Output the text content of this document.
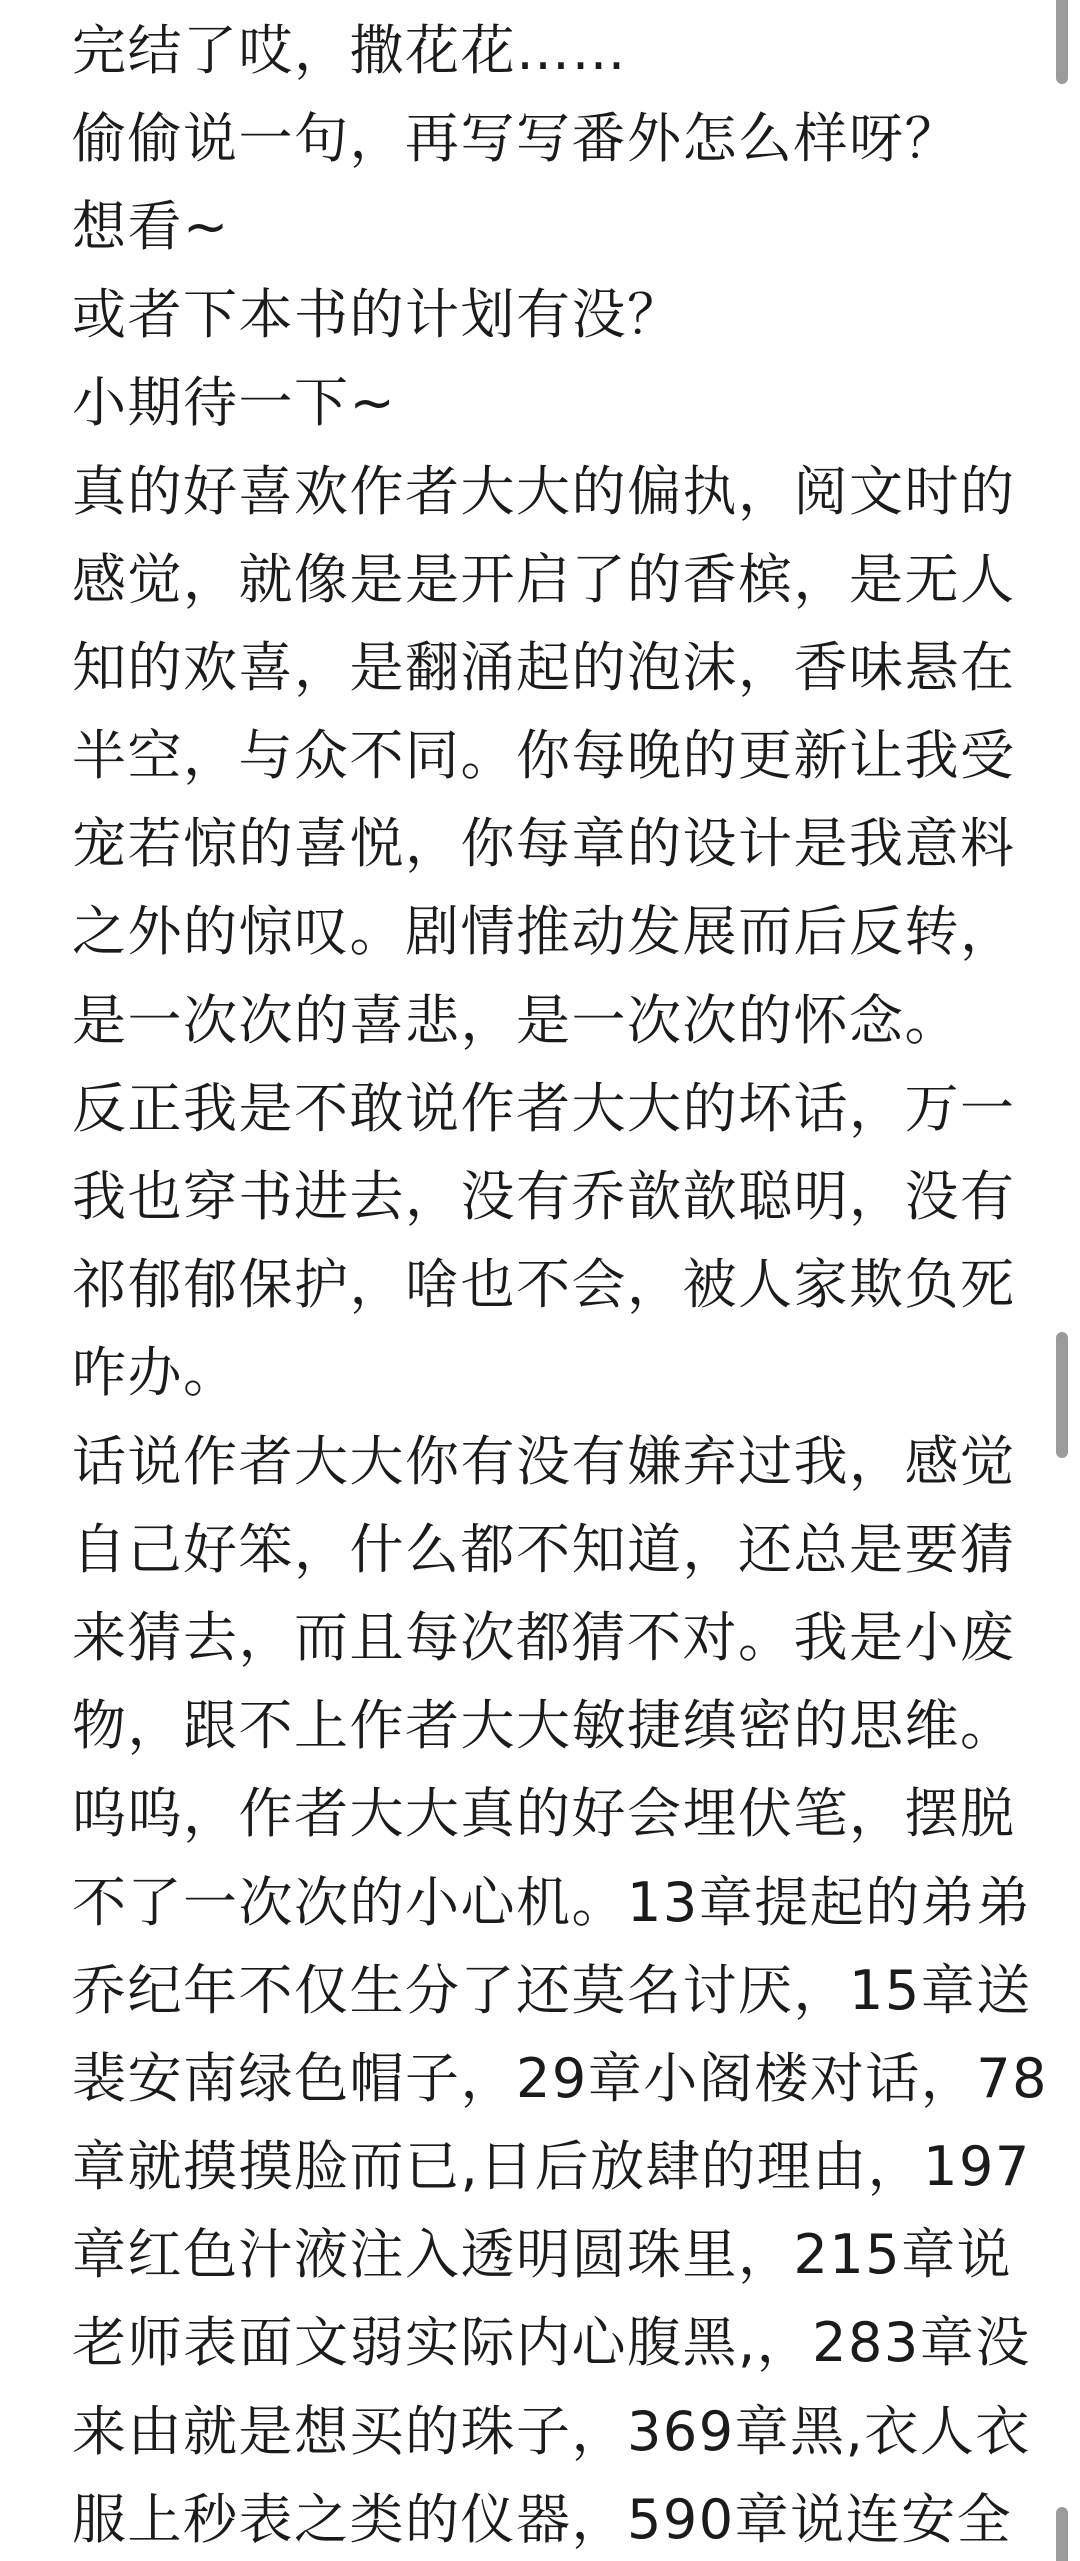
完结了哎，撒花花……
偷偷说一句，再写写番外怎么样呀？
想看~
或者下本书的计划有没？
小期待一下~
真的好喜欢作者大大的偏执，阅文时的
感觉，就像是是开启了的香槟，是无人
知的欢喜，是翻涌起的泡沫，香味悬在
半空，与众不同。你每晚的更新让我受
宠若惊的喜悦，你每章的设计是我意料
之外的惊叹。剧情推动发展而后反转，
是一次次的喜悲，是一次次的怀念。
反正我是不敢说作者大大的坏话，万一
我也穿书进去，没有乔歆歆聪明，没有
祁郁郁保护，啥也不会，被人家欺负死
咋办。
话说作者大大你有没有嫌弃过我，感觉
自己好笨，什么都不知道，还总是要猜
来猜去，而且每次都猜不对。我是小废
物，跟不上作者大大敏捷缜密的思维。
呜呜，作者大大真的好会埋伏笔，摆脱
不了一次次的小心机。13章提起的弟弟
乔纪年不仅生分了还莫名讨厌，15章送
裴安南绿色帽子，29章小阁楼对话，78
章就摸摸脸而已,日后放肆的理由，197
章红色汁液注入透明圆珠里，215章说
老师表面文弱实际内心腹黑,，283章没
来由就是想买的珠子，369章黑,衣人衣
服上秒表之类的仪器，590章说连安全
